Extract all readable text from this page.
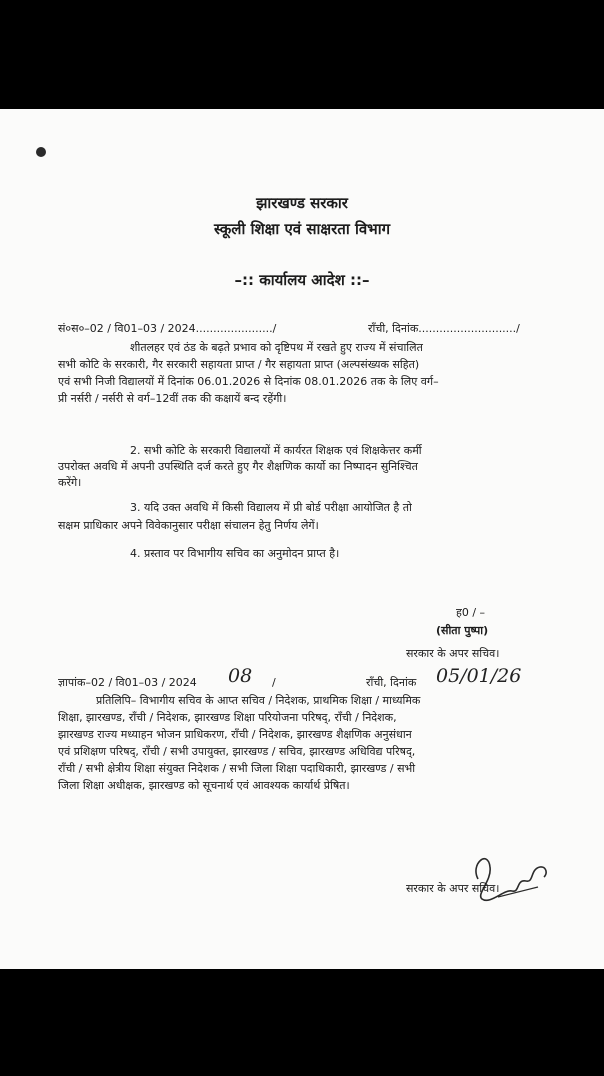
झारखण्ड सरकार
स्कूली शिक्षा एवं साक्षरता विभाग
–:: कार्यालय आदेश ::–
सं०स०–02 / वि01–03 / 2024....................../	राँची, दिनांक............................/
शीतलहर एवं ठंड के बढ़ते प्रभाव को दृष्टिपथ में रखते हुए राज्य में संचालित
सभी कोटि के सरकारी, गैर सरकारी सहायता प्राप्त / गैर सहायता प्राप्त (अल्पसंख्यक सहित)
एवं सभी निजी विद्यालयों में दिनांक 06.01.2026 से दिनांक 08.01.2026 तक के लिए वर्ग–
प्री नर्सरी / नर्सरी से वर्ग–12वीं तक की कक्षायें बन्द रहेंगी।
2. सभी कोटि के सरकारी विद्यालयों में कार्यरत शिक्षक एवं शिक्षकेत्तर कर्मी
उपरोक्त अवधि में अपनी उपस्थिति दर्ज करते हुए गैर शैक्षणिक कार्यो का निष्पादन सुनिश्चित
करेंगे।
3. यदि उक्त अवधि में किसी विद्यालय में प्री बोर्ड परीक्षा आयोजित है तो
सक्षम प्राधिकार अपने विवेकानुसार परीक्षा संचालन हेतु निर्णय लेगें।
4. प्रस्ताव पर विभागीय सचिव का अनुमोदन प्राप्त है।
ह0 / –
(सीता पुष्पा)
सरकार के अपर सचिव।
ज्ञापांक–02 / वि01–03 / 2024 08 /	राँची, दिनांक 05/01/26
प्रतिलिपि– विभागीय सचिव के आप्त सचिव / निदेशक, प्राथमिक शिक्षा / माध्यमिक
शिक्षा, झारखण्ड, राँची / निदेशक, झारखण्ड शिक्षा परियोजना परिषद्, राँची / निदेशक,
झारखण्ड राज्य मध्याहन भोजन प्राधिकरण, राँची / निदेशक, झारखण्ड शैक्षणिक अनुसंधान
एवं प्रशिक्षण परिषद्, राँची / सभी उपायुक्त, झारखण्ड / सचिव, झारखण्ड अधिविद्य परिषद्,
राँची / सभी क्षेत्रीय शिक्षा संयुक्त निदेशक / सभी जिला शिक्षा पदाधिकारी, झारखण्ड / सभी
जिला शिक्षा अधीक्षक, झारखण्ड को सूचनार्थ एवं आवश्यक कार्यार्थ प्रेषित।
सरकार के अपर सचिव।
